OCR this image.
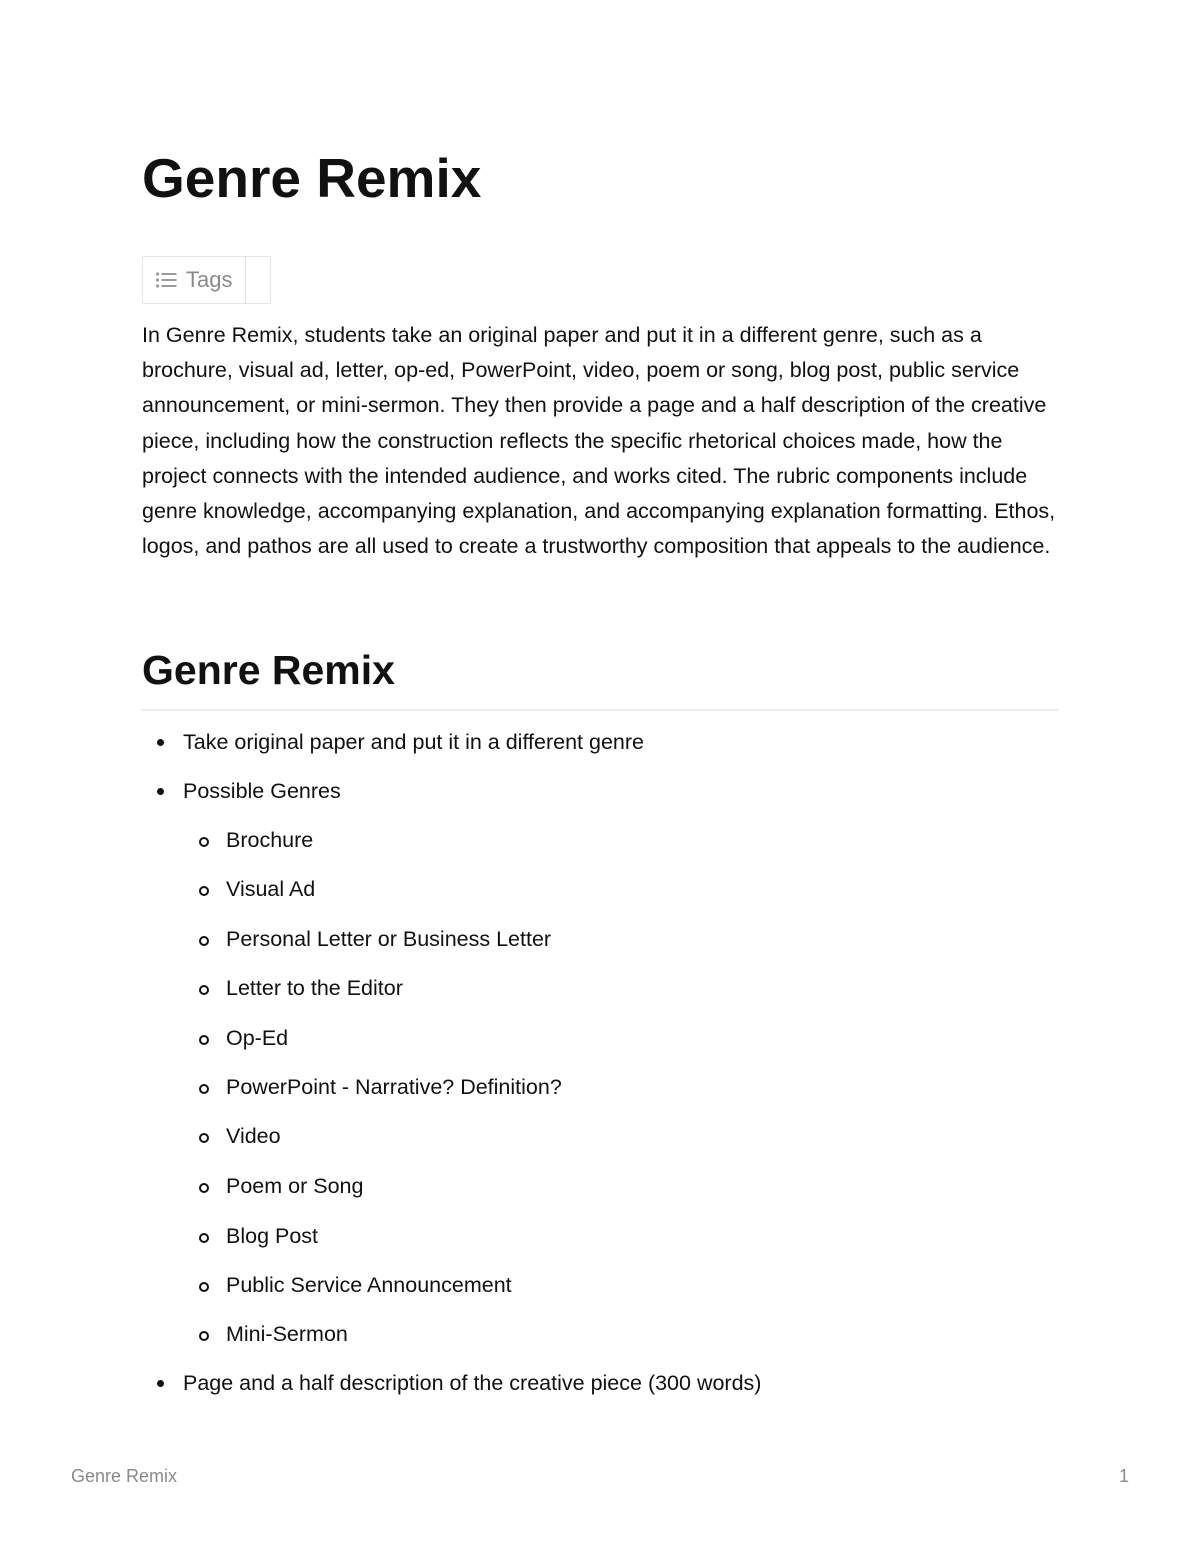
Genre Remix
Tags

In Genre Remix, students take an original paper and put it in a different genre, such as a brochure, visual ad, letter, op-ed, PowerPoint, video, poem or song, blog post, public service announcement, or mini-sermon. They then provide a page and a half description of the creative piece, including how the construction reflects the specific rhetorical choices made, how the project connects with the intended audience, and works cited. The rubric components include genre knowledge, accompanying explanation, and accompanying explanation formatting. Ethos, logos, and pathos are all used to create a trustworthy composition that appeals to the audience.

Genre Remix
Take original paper and put it in a different genre
Possible Genres
Brochure
Visual Ad
Personal Letter or Business Letter
Letter to the Editor
Op-Ed
PowerPoint - Narrative? Definition?
Video
Poem or Song
Blog Post
Public Service Announcement
Mini-Sermon
Page and a half description of the creative piece (300 words)
Genre Remix	1
